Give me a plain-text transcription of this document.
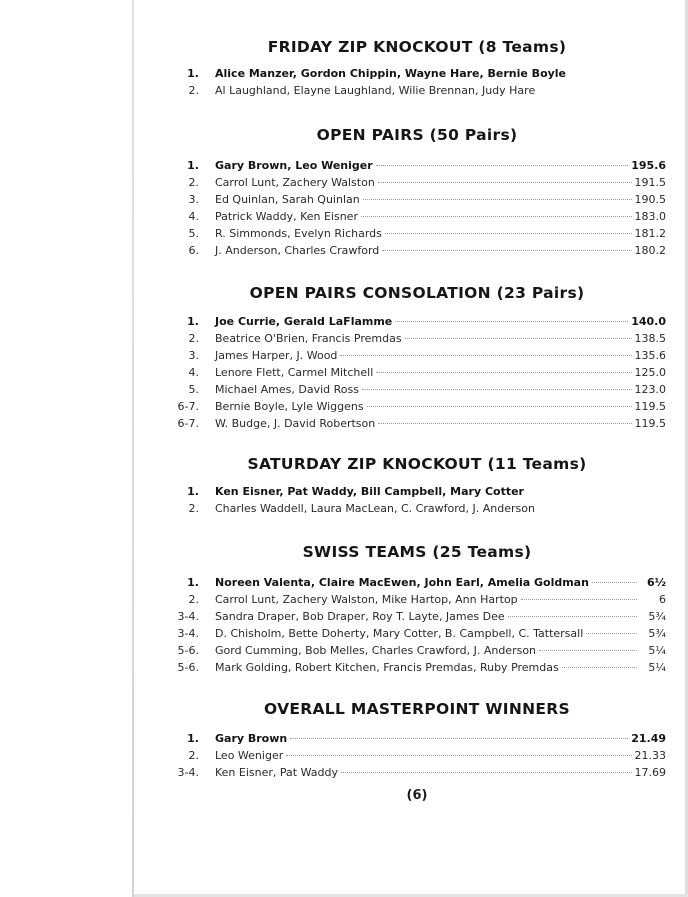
FRIDAY ZIP KNOCKOUT (8 Teams)
1. Alice Manzer, Gordon Chippin, Wayne Hare, Bernie Boyle
2. Al Laughland, Elayne Laughland, Wilie Brennan, Judy Hare
OPEN PAIRS (50 Pairs)
1. Gary Brown, Leo Weniger	195.6
2. Carrol Lunt, Zachery Walston	191.5
3. Ed Quinlan, Sarah Quinlan	190.5
4. Patrick Waddy, Ken Eisner	183.0
5. R. Simmonds, Evelyn Richards	181.2
6. J. Anderson, Charles Crawford	180.2
OPEN PAIRS CONSOLATION (23 Pairs)
1. Joe Currie, Gerald LaFlamme	140.0
2. Beatrice O'Brien, Francis Premdas	138.5
3. James Harper, J. Wood	135.6
4. Lenore Flett, Carmel Mitchell	125.0
5. Michael Ames, David Ross	123.0
6-7. Bernie Boyle, Lyle Wiggens	119.5
6-7. W. Budge, J. David Robertson	119.5
SATURDAY ZIP KNOCKOUT (11 Teams)
1. Ken Eisner, Pat Waddy, Bill Campbell, Mary Cotter
2. Charles Waddell, Laura MacLean, C. Crawford, J. Anderson
SWISS TEAMS (25 Teams)
1. Noreen Valenta, Claire MacEwen, John Earl, Amelia Goldman	6½
2. Carrol Lunt, Zachery Walston, Mike Hartop, Ann Hartop	6
3-4. Sandra Draper, Bob Draper, Roy T. Layte, James Dee	5¾
3-4. D. Chisholm, Bette Doherty, Mary Cotter, B. Campbell, C. Tattersall	5¾
5-6. Gord Cumming, Bob Melles, Charles Crawford, J. Anderson	5¼
5-6. Mark Golding, Robert Kitchen, Francis Premdas, Ruby Premdas	5¼
OVERALL MASTERPOINT WINNERS
1. Gary Brown	21.49
2. Leo Weniger	21.33
3-4. Ken Eisner, Pat Waddy	17.69
(6)
